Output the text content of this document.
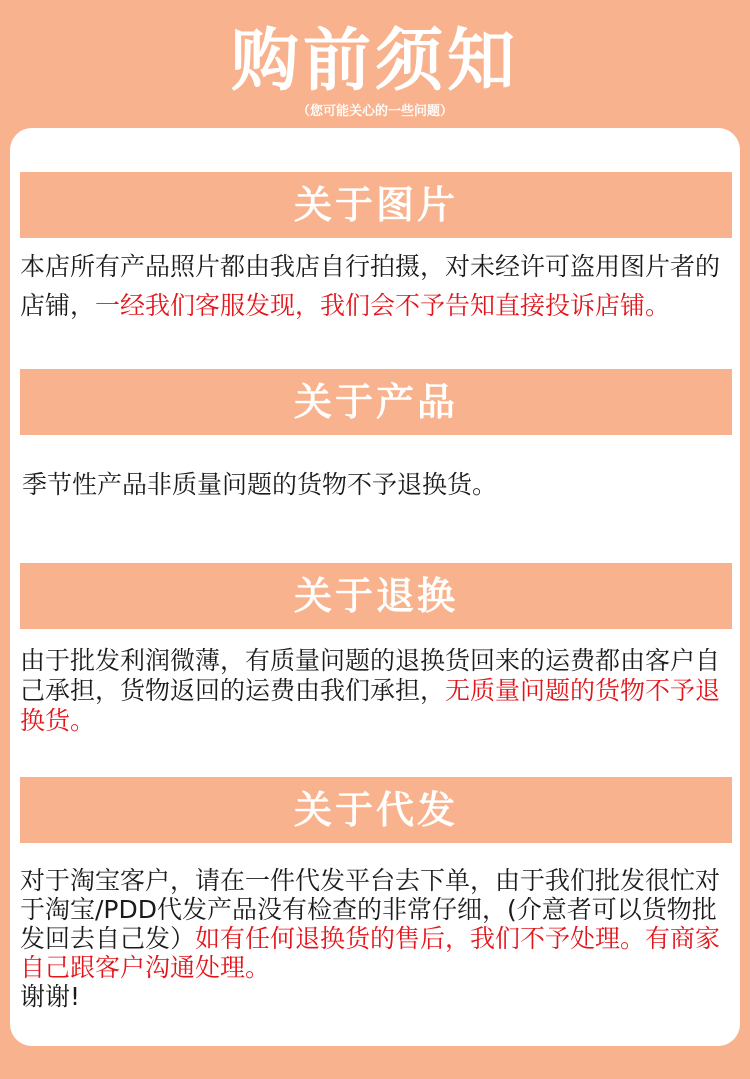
购前须知
（您可能关心的一些问题）
关于图片

本店所有产品照片都由我店自行拍摄，对未经许可盗用图片者的店铺，一经我们客服发现，我们会不予告知直接投诉店铺。

关于产品

季节性产品非质量问题的货物不予退换货。

关于退换

由于批发利润微薄，有质量问题的退换货回来的运费都由客户自己承担，货物返回的运费由我们承担，无质量问题的货物不予退换货。

关于代发

对于淘宝客户，请在一件代发平台去下单，由于我们批发很忙对于淘宝/PDD代发产品没有检查的非常仔细，(介意者可以货物批发回去自己发）如有任何退换货的售后，我们不予处理。有商家自己跟客户沟通处理。
谢谢!
